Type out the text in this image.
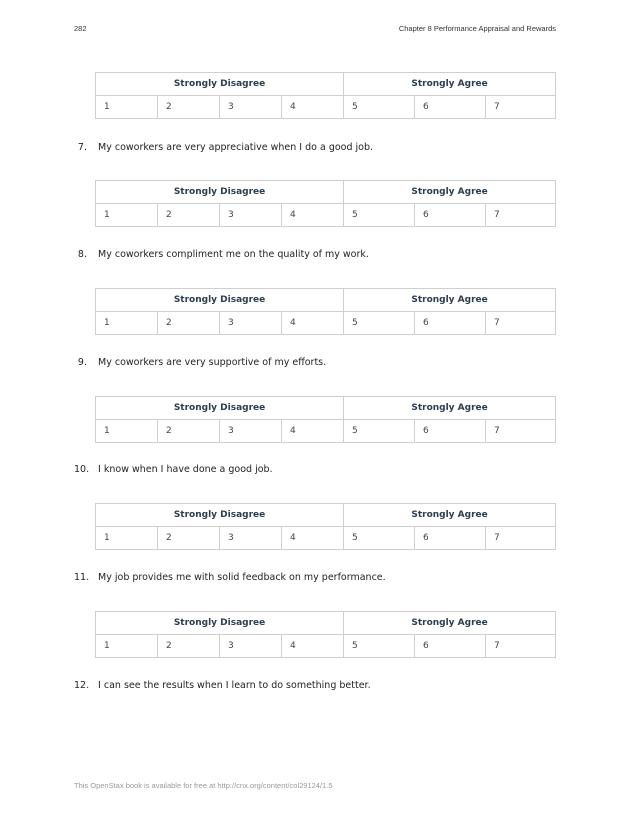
282	Chapter 8 Performance Appraisal and Rewards
Strongly Disagree				Strongly Agree		
1	2	3	4	5	6	7
7. My coworkers are very appreciative when I do a good job.
Strongly Disagree				Strongly Agree		
1	2	3	4	5	6	7
8. My coworkers compliment me on the quality of my work.
Strongly Disagree				Strongly Agree		
1	2	3	4	5	6	7
9. My coworkers are very supportive of my efforts.
Strongly Disagree				Strongly Agree		
1	2	3	4	5	6	7
10. I know when I have done a good job.
Strongly Disagree				Strongly Agree		
1	2	3	4	5	6	7
11. My job provides me with solid feedback on my performance.
Strongly Disagree				Strongly Agree		
1	2	3	4	5	6	7
12. I can see the results when I learn to do something better.
This OpenStax book is available for free at http://cnx.org/content/col29124/1.5
